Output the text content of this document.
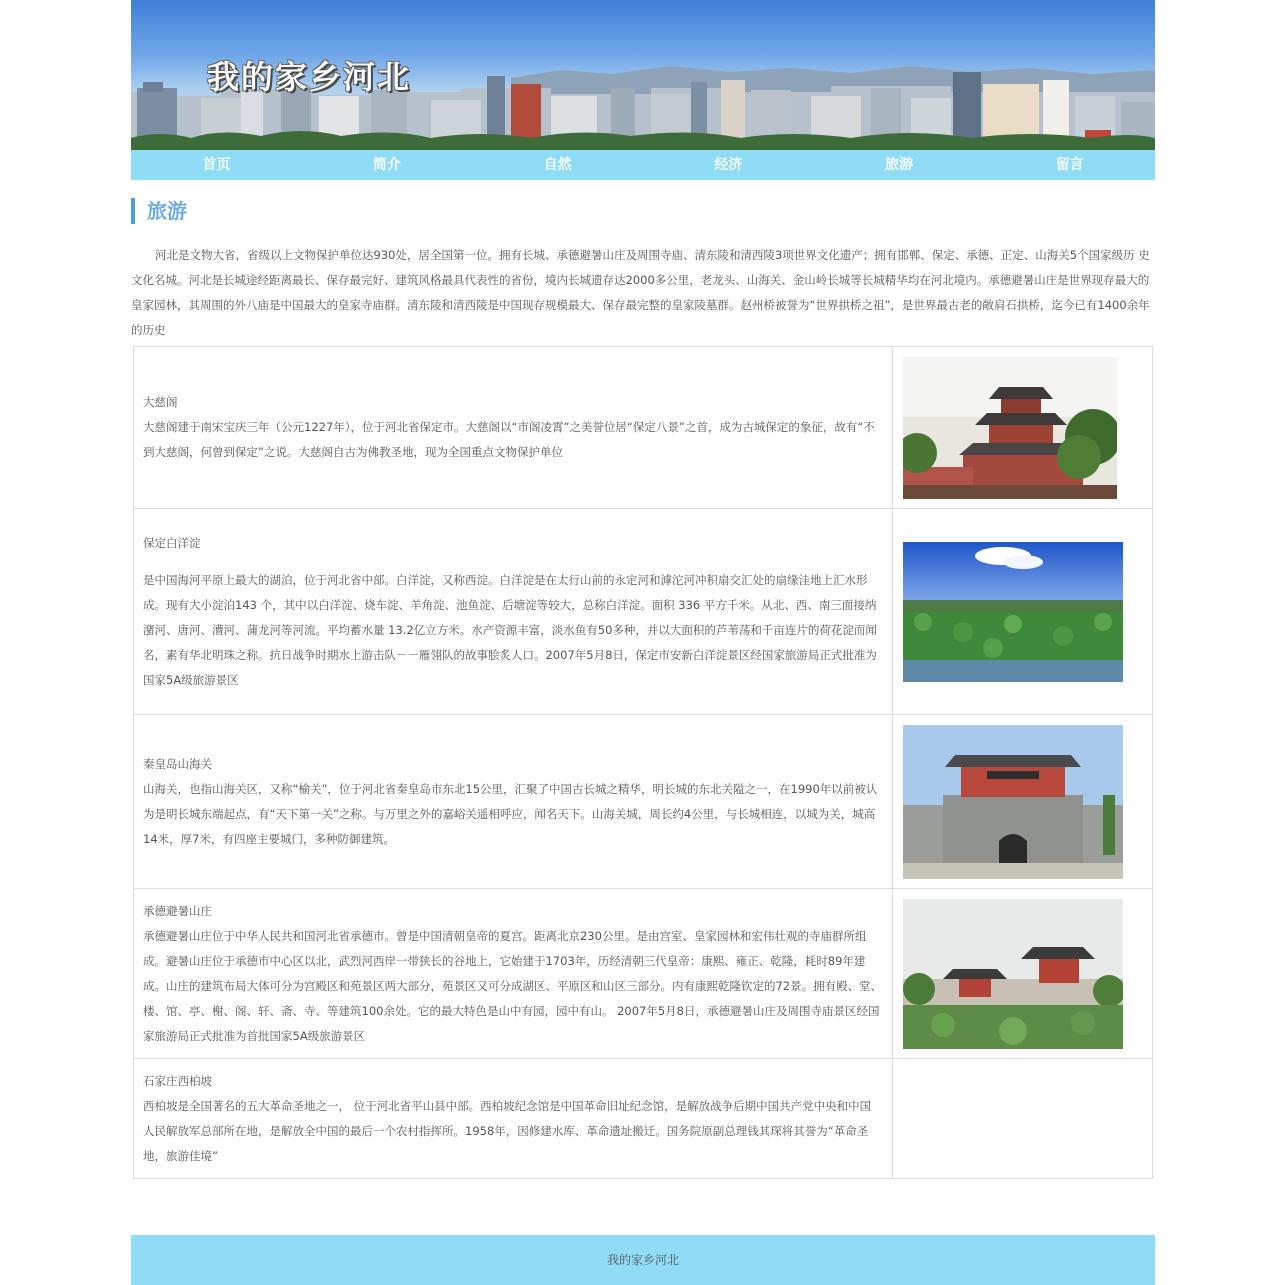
我的家乡河北
首页	简介	自然	经济	旅游	留言
旅游

河北是文物大省，省级以上文物保护单位达930处，居全国第一位。拥有长城、承德避暑山庄及周围寺庙、清东陵和清西陵3项世界文化遗产；拥有邯郸、保定、承德、正定、山海关5个国家级历 史文化名城。河北是长城途经距离最长、保存最完好、建筑风格最具代表性的省份，境内长城遗存达2000多公里，老龙头、山海关、金山岭长城等长城精华均在河北境内。承德避暑山庄是世界现存最大的皇家园林，其周围的外八庙是中国最大的皇家寺庙群。清东陵和清西陵是中国现存规模最大、保存最完整的皇家陵墓群。赵州桥被誉为“世界拱桥之祖”，是世界最古老的敞肩石拱桥，迄今已有1400余年的历史

大慈阁

大慈阁建于南宋宝庆三年（公元1227年），位于河北省保定市。大慈阁以“市阁凌霄”之美誉位居“保定八景”之首，成为古城保定的象征，故有“不到大慈阁，何曾到保定”之说。大慈阁自古为佛教圣地，现为全国重点文物保护单位

保定白洋淀

是中国海河平原上最大的湖泊，位于河北省中部。白洋淀，又称西淀。白洋淀是在太行山前的永定河和滹沱河冲积扇交汇处的扇缘洼地上汇水形成。现有大小淀泊143 个，其中以白洋淀、烧车淀、羊角淀、池鱼淀、后塘淀等较大，总称白洋淀。面积 336 平方千米。从北、西、南三面接纳潴河、唐河、漕河、蒲龙河等河流。平均蓄水量 13.2亿立方米。水产资源丰富，淡水鱼有50多种，并以大面积的芦苇荡和千亩连片的荷花淀而闻名，素有华北明珠之称。抗日战争时期水上游击队－－雁翎队的故事脍炙人口。2007年5月8日，保定市安新白洋淀景区经国家旅游局正式批准为国家5A级旅游景区

秦皇岛山海关

山海关，也指山海关区，又称“榆关”，位于河北省秦皇岛市东北15公里，汇聚了中国古长城之精华，明长城的东北关隘之一，在1990年以前被认为是明长城东端起点，有“天下第一关”之称。与万里之外的嘉峪关遥相呼应，闻名天下。山海关城，周长约4公里，与长城相连，以城为关，城高14米，厚7米，有四座主要城门，多种防御建筑。

承德避暑山庄

承德避暑山庄位于中华人民共和国河北省承德市。曾是中国清朝皇帝的夏宫。距离北京230公里。是由宫室、皇家园林和宏伟壮观的寺庙群所组成。避暑山庄位于承德市中心区以北，武烈河西岸一带狭长的谷地上，它始建于1703年，历经清朝三代皇帝：康熙、雍正、乾隆，耗时89年建成。山庄的建筑布局大体可分为宫殿区和苑景区两大部分，苑景区又可分成湖区、平原区和山区三部分。内有康熙乾隆钦定的72景。拥有殿、堂、楼、馆、亭、榭、阁、轩、斋、寺、等建筑100余处。它的最大特色是山中有园，园中有山。 2007年5月8日，承德避暑山庄及周围寺庙景区经国家旅游局正式批准为首批国家5A级旅游景区

石家庄西柏坡

西柏坡是全国著名的五大革命圣地之一， 位于河北省平山县中部。西柏坡纪念馆是中国革命旧址纪念馆，是解放战争后期中国共产党中央和中国人民解放军总部所在地，是解放全中国的最后一个农村指挥所。1958年，因修建水库、革命遗址搬迁。国务院原副总理钱其琛将其誉为“革命圣地，旅游佳境”	

我的家乡河北
